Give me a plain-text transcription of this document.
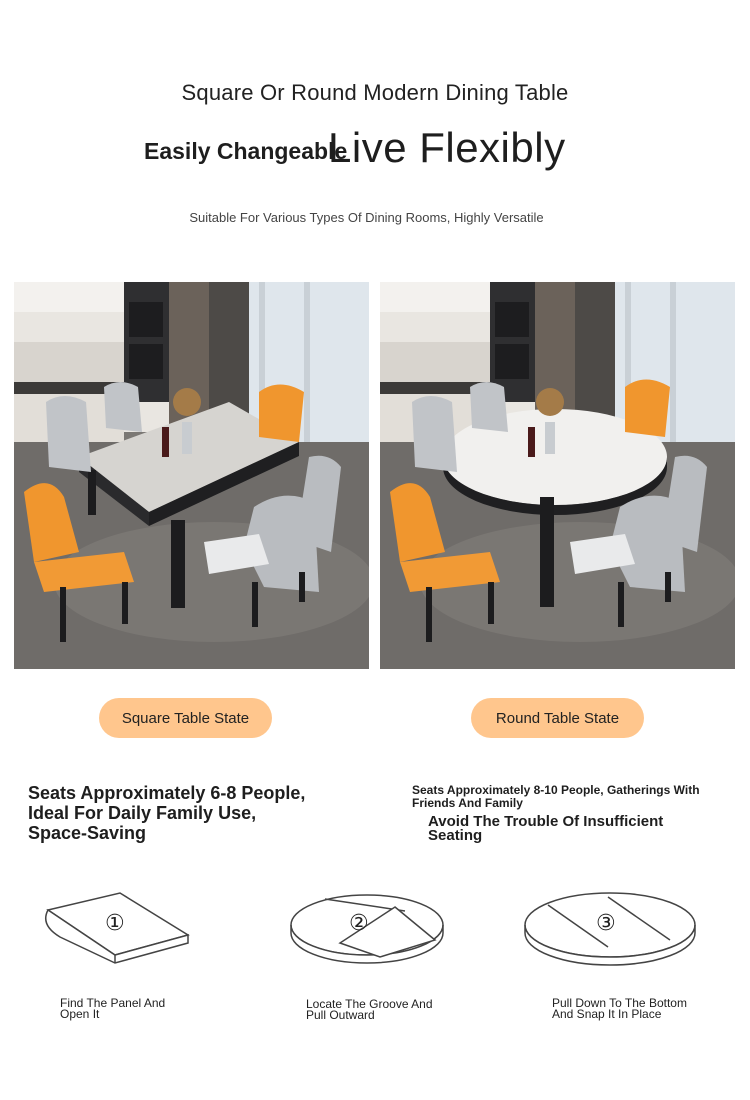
Square Or Round Modern Dining Table
Easily Changeable
Live Flexibly
Suitable For Various Types Of Dining Rooms, Highly Versatile
Square Table State	Round Table State
Seats Approximately 6-8 People,
Ideal For Daily Family Use,
Space-Saving
Seats Approximately 8-10 People, Gatherings With
Friends And Family
Avoid The Trouble Of Insufficient
Seating
①
Find The Panel And
Open It
②
Locate The Groove And
Pull Outward
③
Pull Down To The Bottom
And Snap It In Place
